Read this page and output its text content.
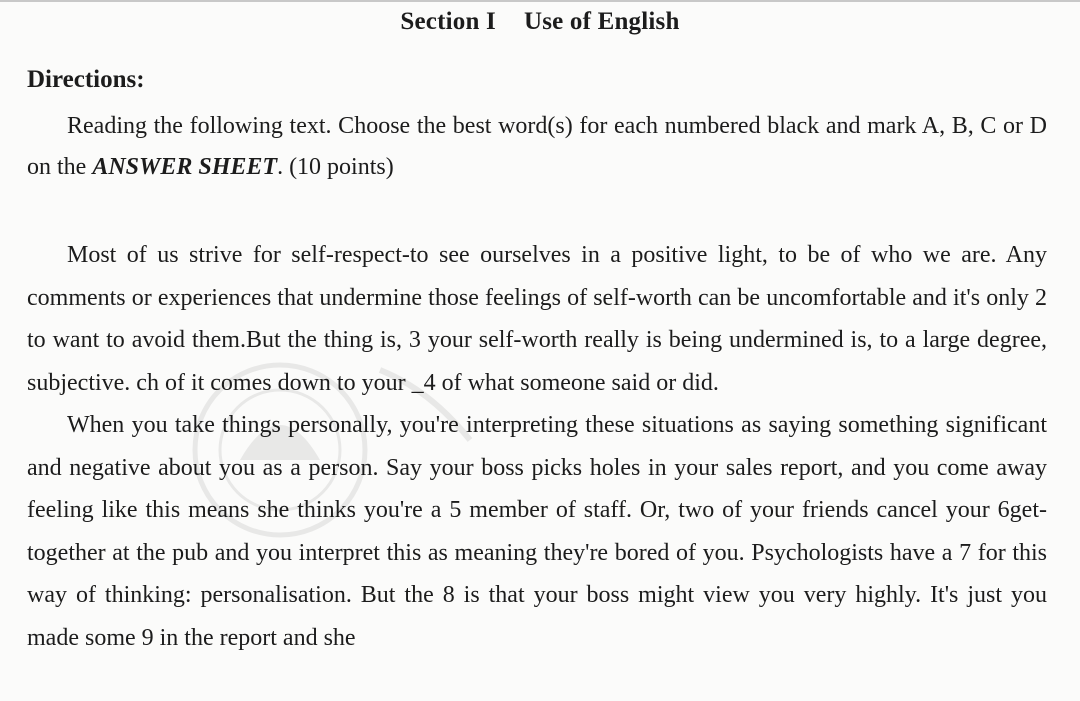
Section I Use of English
Directions:

Reading the following text. Choose the best word(s) for each numbered black and mark A, B, C or D on the ANSWER SHEET. (10 points)

Most of us strive for self-respect-to see ourselves in a positive light, to be of who we are. Any comments or experiences that undermine those feelings of self-worth can be uncomfortable and it's only 2 to want to avoid them.But the thing is, 3 your self-worth really is being undermined is, to a large degree, subjective. ch of it comes down to your _4 of what someone said or did.

When you take things personally, you're interpreting these situations as saying something significant and negative about you as a person. Say your boss picks holes in your sales report, and you come away feeling like this means she thinks you're a 5 member of staff. Or, two of your friends cancel your 6get-together at the pub and you interpret this as meaning they're bored of you. Psychologists have a 7 for this way of thinking: personalisation. But the 8 is that your boss might view you very highly. It's just you made some 9 in the report and she
